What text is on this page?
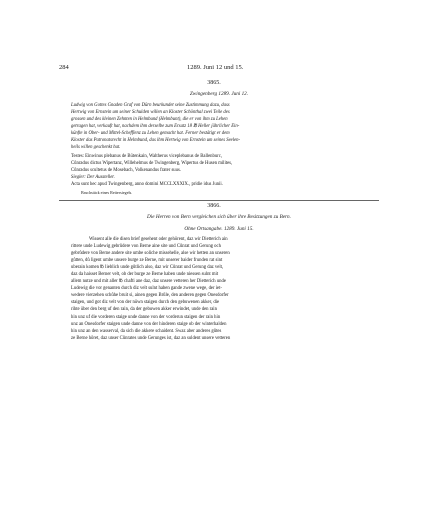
284	1289. Juni 12 und 15.
3865.
Zwingenberg 1289. Juni 12.
Ludwig von Gottes Gnaden Graf von Dürn beurkundet seine Zustimmung dazu, dass
Hertwig von Ernstein um seiner Schulden willen an Kloster Schönthal zwei Teile des
grossen und des kleinen Zehnten in Helmbund (Helmbunt), die er von ihm zu Lehen
getragen hat, verkauft hat, nachdem ihm derselbe zum Ersatz 18 ℔ Heller jährlicher Ein-
künfte in Ober- und Mittel-Schefflenz zu Lehen gemacht hat. Ferner bestätigt er dem
Kloster das Patronatsrecht in Helmbund, das ihm Hertwig von Ernstein um seines Seelen-
heils willen geschenkt hat.
Testes: Einwinus plebanus de Bütenkain, Waltherus viceplebanus de Ballenburc,
Cůnradus dictus Wipertanz, Willehelmus de Twingenberg, Wipertus de Husen milites,
Cůnradus scultetus de Mosebach, Volkenandus frater suus.
Siegler: Der Aussteller.
Acta sunt hec apud Twingenberg, anno domini MCCLXXXIX., pridie idus Junii.
Bruchstück eines Reitersiegels.
3866.
Die Herren von Bern vergleichen sich über ihre Besitzungen zu Bern.
Ohne Ortsangabe. 1289. Juni 15.
Wissent alle die disen brief gesehent oder gehörent, daz wir Dietterich ain
rittere unde Ludewig gebrůdere von Berne aine site und Cůnrat und Gerung och
gebrůdere von Berne andere site umbe soliche missehelle, alse wir hetten an unseren
gůtten, dů ligent umbe unsere burge ze Berne, mit unserer baider frunden rat sint
uberain komen ℔ lieblich unde gůtlich also, daz wir Cůnrat und Gerung daz velt,
daz da haisset Berner velt, ob der burge ze Berne haben unde niessen sulnt mit
allem nutze und mit aller ℔ chafti ane daz, daz unsere vetteren her Dietterich unde
Ludewig die vor genanten durch diz velt sulnt haben gande zwene wege, der iet-
wedere vierzehen schůhe bruit si, ainen gegen Brůle, den anderen gegen Onesdorfer
staigen, und got diz velt von der nüwn staigen durch den gebuwenen akker, die
rihte über den berg uf den rain, da der gebuwen akker erwindet, unde den rain
hin unz uf die vorderen staige unde danne von der vorderun staigen der rain hin
unz an Onesdorfer staigen unde danne von der hinderen staige ob der winterhalden
hin unz an den wasserval, da sich die akkere schaident. Swaz aber anderes gůtes
ze Berne hôret, daz unser Cůnrates unde Gerunges ist, daz an suldent unsere vetteren
